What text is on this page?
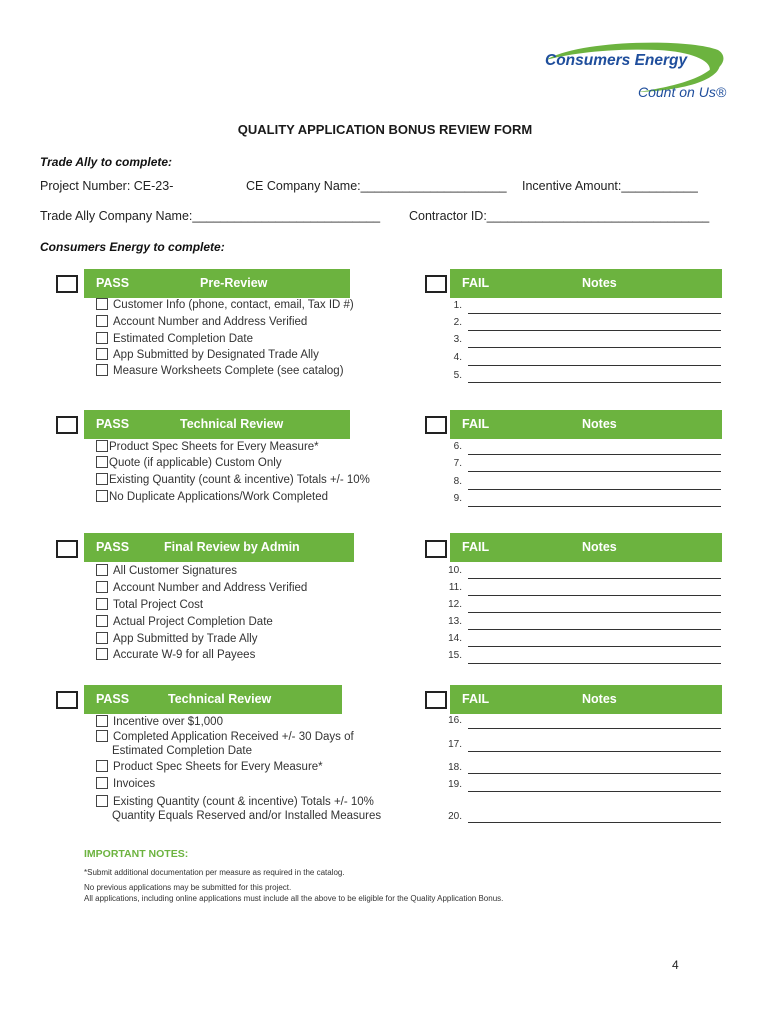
Consumers Energy
Count on Us®
QUALITY APPLICATION BONUS REVIEW FORM
Trade Ally to complete:
Project Number: CE-23-	CE Company Name:_____________________ Incentive Amount:___________
Trade Ally Company Name:___________________________ Contractor ID:________________________________
Consumers Energy to complete:
PASS	Pre-Review	FAIL	Notes
Customer Info (phone, contact, email, Tax ID #)
Account Number and Address Verified
Estimated Completion Date
App Submitted by Designated Trade Ally
Measure Worksheets Complete (see catalog)
1.
2.
3.
4.
5.
PASS	Technical Review	FAIL	Notes
Product Spec Sheets for Every Measure*
Quote (if applicable) Custom Only
Existing Quantity (count & incentive) Totals +/- 10%
No Duplicate Applications/Work Completed
6.
7.
8.
9.
PASS	Final Review by Admin	FAIL	Notes
All Customer Signatures
Account Number and Address Verified
Total Project Cost
Actual Project Completion Date
App Submitted by Trade Ally
Accurate W-9 for all Payees
10.
11.
12.
13.
14.
15.
PASS	Technical Review	FAIL	Notes
Incentive over $1,000
Completed Application Received +/- 30 Days of
Estimated Completion Date
Product Spec Sheets for Every Measure*
Invoices
Existing Quantity (count & incentive) Totals +/- 10%
Quantity Equals Reserved and/or Installed Measures
16.
17.
18.
19.
20.
IMPORTANT NOTES:
*Submit additional documentation per measure as required in the catalog.
No previous applications may be submitted for this project.
All applications, including online applications must include all the above to be eligible for the Quality Application Bonus.
4
